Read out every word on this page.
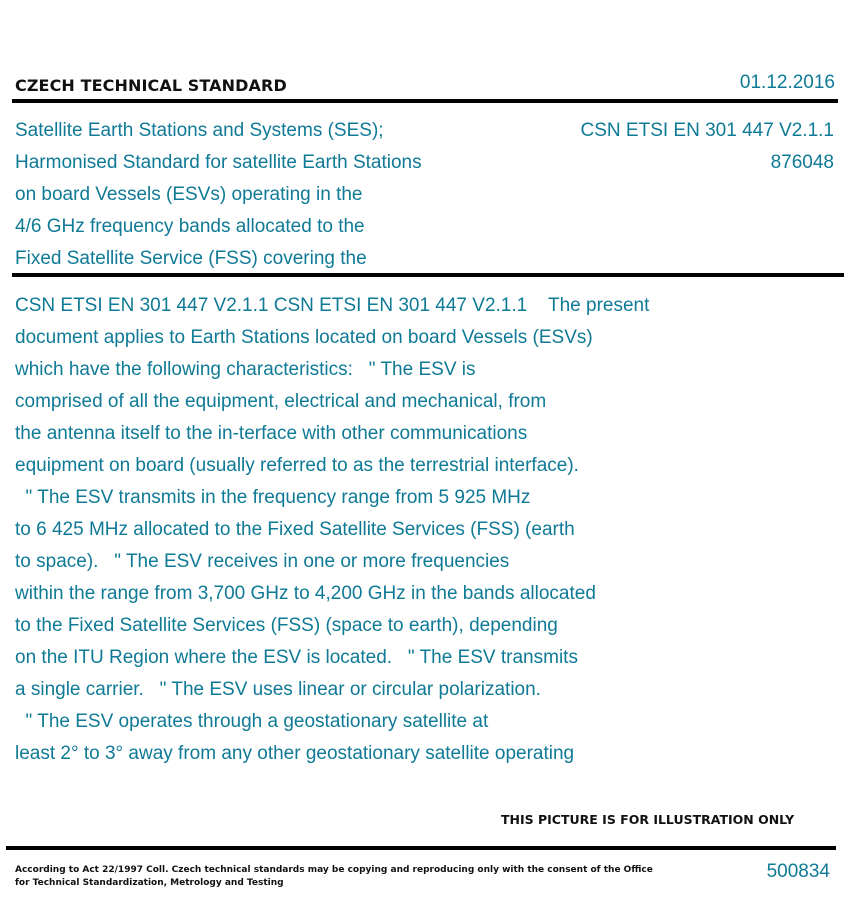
CZECH TECHNICAL STANDARD	01.12.2016
Satellite Earth Stations and Systems (SES);
Harmonised Standard for satellite Earth Stations
on board Vessels (ESVs) operating in the
4/6 GHz frequency bands allocated to the
Fixed Satellite Service (FSS) covering the
CSN ETSI EN 301 447 V2.1.1
876048
CSN ETSI EN 301 447 V2.1.1 CSN ETSI EN 301 447 V2.1.1    The present
document applies to Earth Stations located on board Vessels (ESVs)
which have the following characteristics:   " The ESV is
comprised of all the equipment, electrical and mechanical, from
the antenna itself to the in-terface with other communications
equipment on board (usually referred to as the terrestrial interface).
" The ESV transmits in the frequency range from 5 925 MHz
to 6 425 MHz allocated to the Fixed Satellite Services (FSS) (earth
to space).   " The ESV receives in one or more frequencies
within the range from 3,700 GHz to 4,200 GHz in the bands allocated
to the Fixed Satellite Services (FSS) (space to earth), depending
on the ITU Region where the ESV is located.   " The ESV transmits
a single carrier.   " The ESV uses linear or circular polarization.
" The ESV operates through a geostationary satellite at
least 2° to 3° away from any other geostationary satellite operating
THIS PICTURE IS FOR ILLUSTRATION ONLY
According to Act 22/1997 Coll. Czech technical standards may be copying and reproducing only with the consent of the Office
for Technical Standardization, Metrology and Testing
500834
